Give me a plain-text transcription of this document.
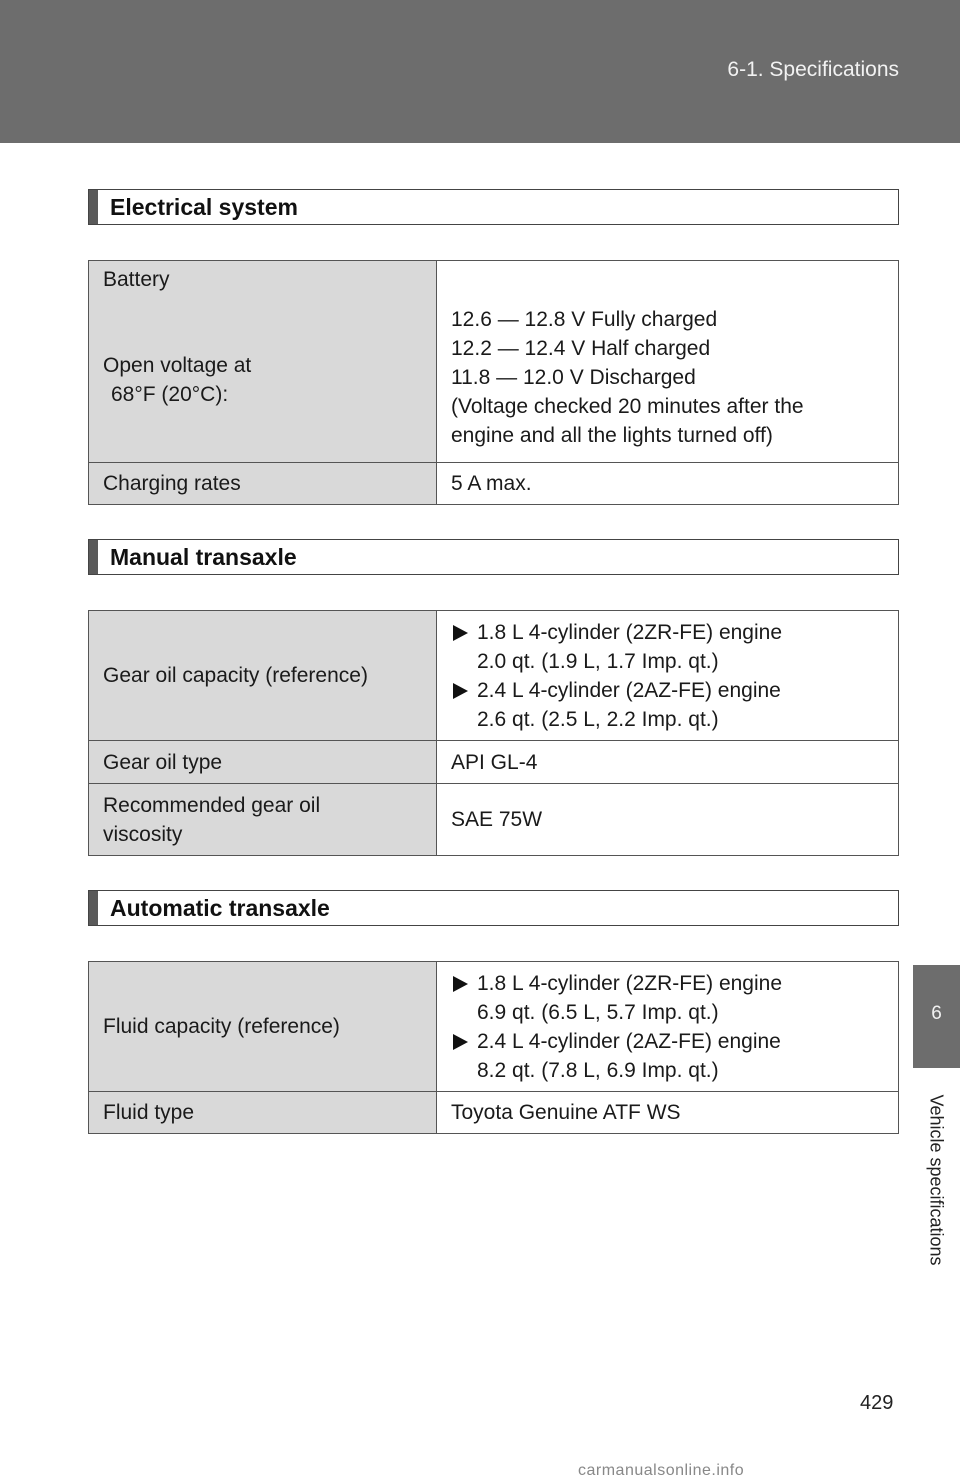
6-1. Specifications
6
Vehicle specifications
Electrical system
Battery
Open voltage at
68°F (20°C):	12.6 — 12.8 V Fully charged
12.2 — 12.4 V Half charged
11.8 — 12.0 V Discharged
(Voltage checked 20 minutes after the
engine and all the lights turned off)

Charging rates	5 A max.
Manual transaxle
Gear oil capacity (reference)	1.8 L 4-cylinder (2ZR-FE) engine
2.0 qt. (1.9 L, 1.7 Imp. qt.)
2.4 L 4-cylinder (2AZ-FE) engine
2.6 qt. (2.5 L, 2.2 Imp. qt.)

Gear oil type	API GL-4

Recommended gear oil
viscosity	SAE 75W
Automatic transaxle
Fluid capacity (reference)	1.8 L 4-cylinder (2ZR-FE) engine
6.9 qt. (6.5 L, 5.7 Imp. qt.)
2.4 L 4-cylinder (2AZ-FE) engine
8.2 qt. (7.8 L, 6.9 Imp. qt.)

Fluid type	Toyota Genuine ATF WS
429
carmanualsonline.info
